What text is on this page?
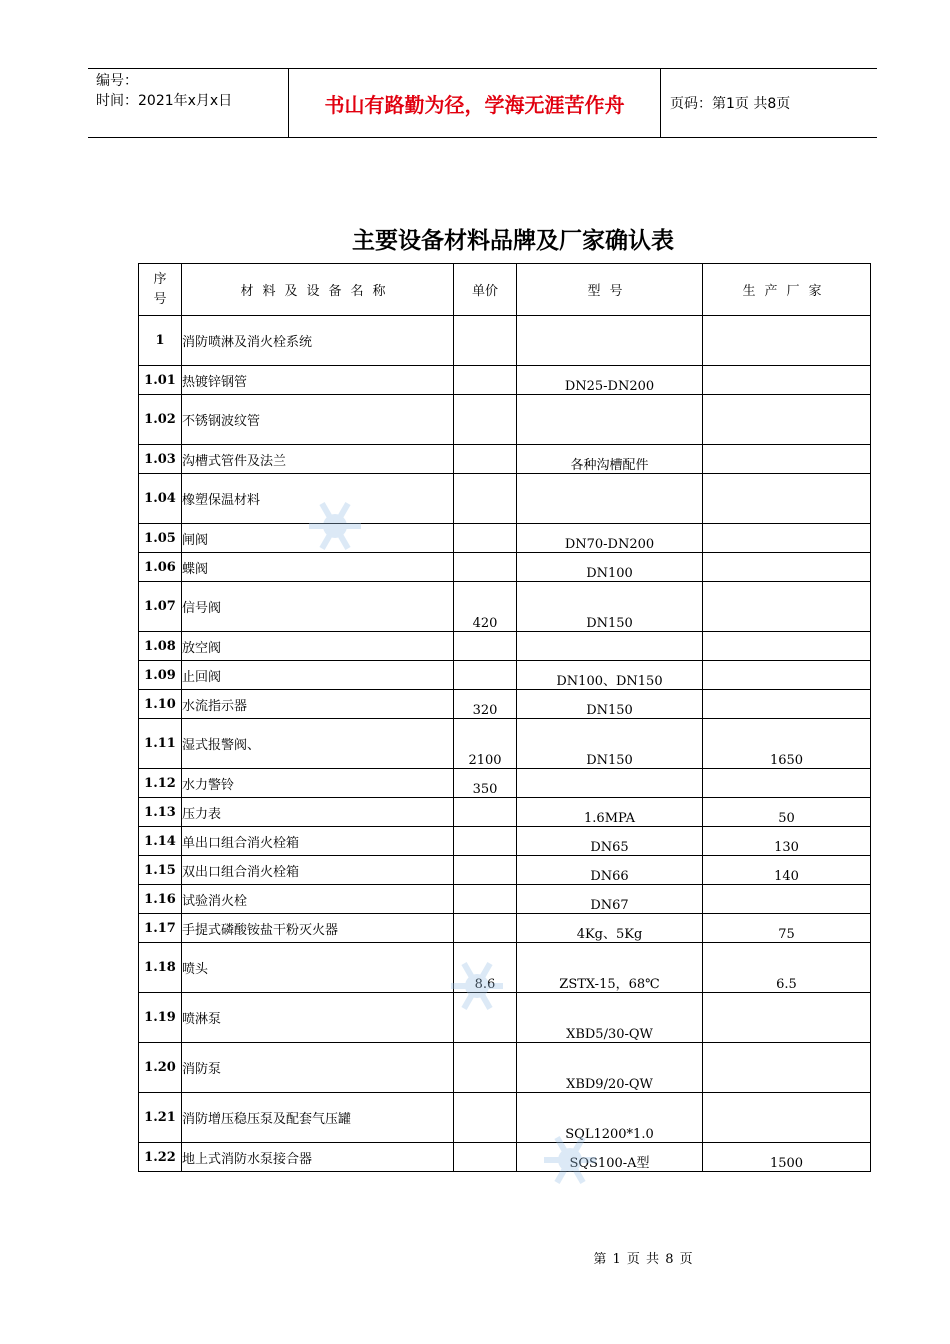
编号：
时间：2021年x月x日	书山有路勤为径，学海无涯苦作舟	页码：第1页 共8页
主要设备材料品牌及厂家确认表
序
号	材料及设备名称	单价	型号	生产厂家
1	消防喷淋及消火栓系统			
1.01	热镀锌钢管		DN25-DN200	
1.02	不锈钢波纹管			
1.03	沟槽式管件及法兰		各种沟槽配件	
1.04	橡塑保温材料			
1.05	闸阀		DN70-DN200	
1.06	蝶阀		DN100	
1.07	信号阀	420	DN150	
1.08	放空阀			
1.09	止回阀		DN100、DN150	
1.10	水流指示器	320	DN150	
1.11	湿式报警阀、	2100	DN150	1650
1.12	水力警铃	350		
1.13	压力表		1.6MPA	50
1.14	单出口组合消火栓箱		DN65	130
1.15	双出口组合消火栓箱		DN66	140
1.16	试验消火栓		DN67	
1.17	手提式磷酸铵盐干粉灭火器		4Kg、5Kg	75
1.18	喷头	8.6	ZSTX-15，68℃	6.5
1.19	喷淋泵		XBD5/30-QW	
1.20	消防泵		XBD9/20-QW	
1.21	消防增压稳压泵及配套气压罐		SQL1200*1.0	
1.22	地上式消防水泵接合器		SQS100-A型	1500
第 1 页 共 8 页
